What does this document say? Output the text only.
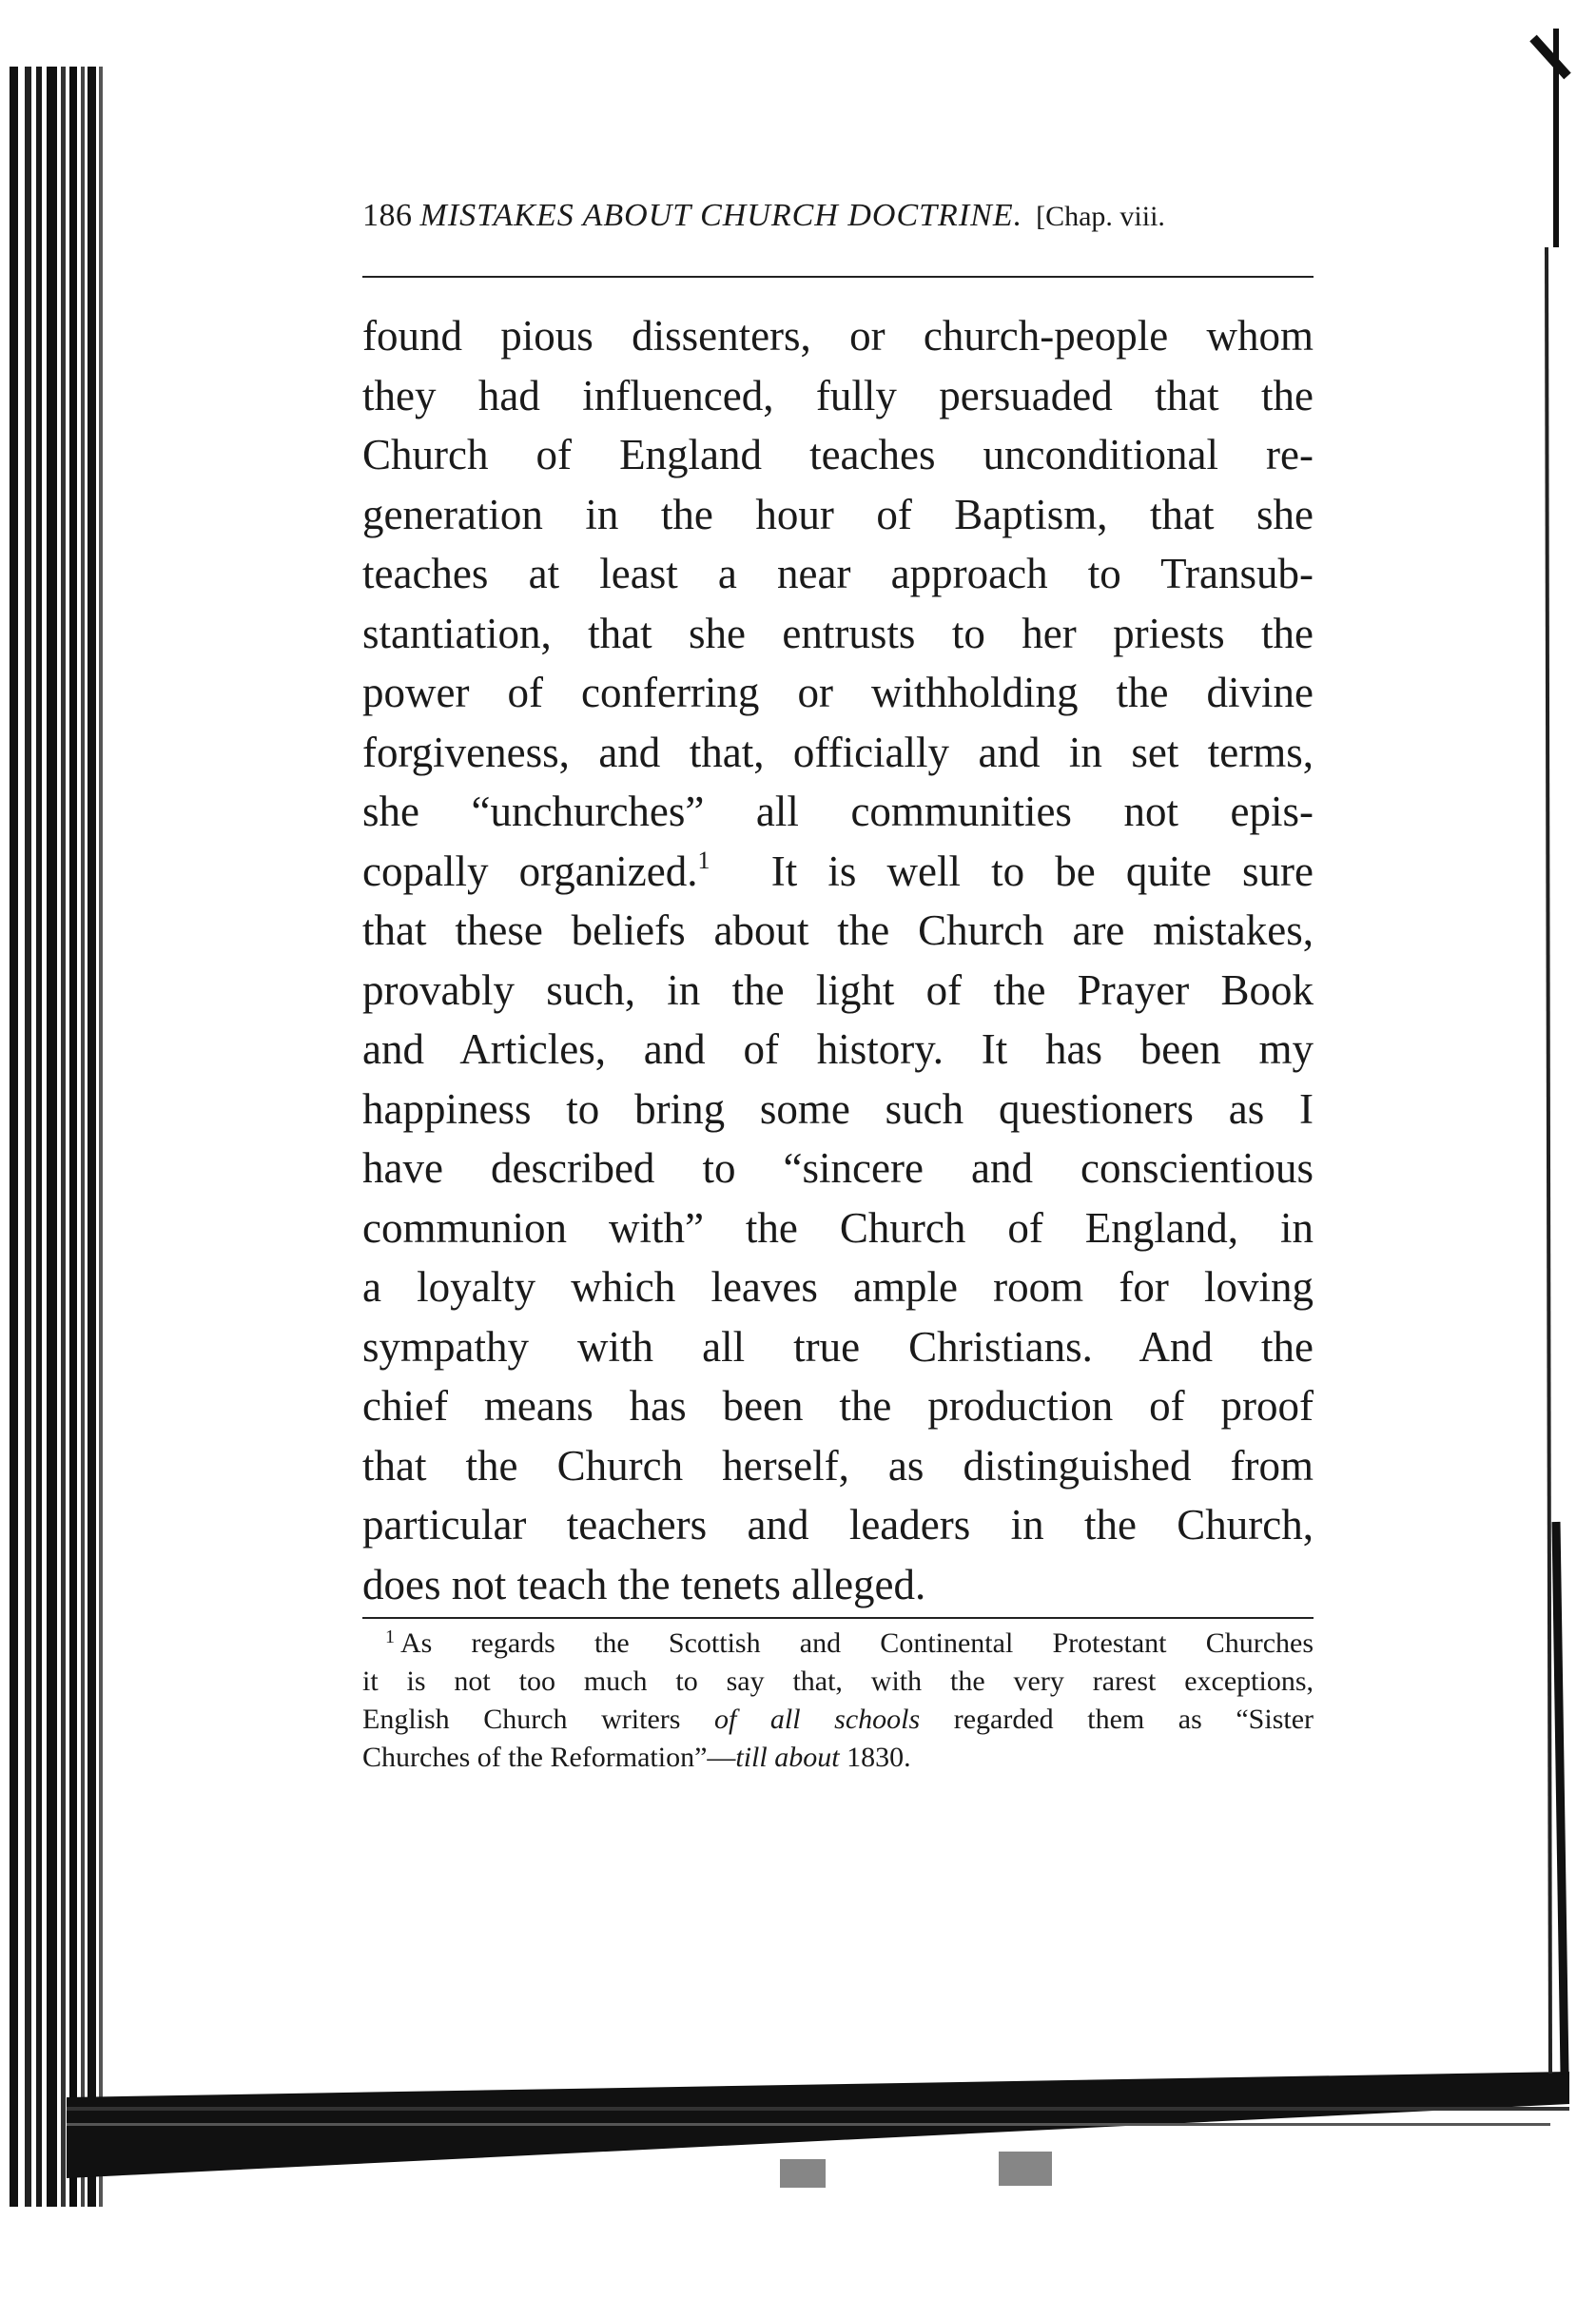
186 MISTAKES ABOUT CHURCH DOCTRINE. [Chap. viii.
found pious dissenters, or church-people whom
they had influenced, fully persuaded that the
Church of England teaches unconditional re-
generation in the hour of Baptism, that she
teaches at least a near approach to Transub-
stantiation, that she entrusts to her priests the
power of conferring or withholding the divine
forgiveness, and that, officially and in set terms,
she “unchurches” all communities not epis-
copally organized.$^1$ It is well to be quite sure
that these beliefs about the Church are mistakes,
provably such, in the light of the Prayer Book
and Articles, and of history. It has been my
happiness to bring some such questioners as I
have described to “sincere and conscientious
communion with” the Church of England, in
a loyalty which leaves ample room for loving
sympathy with all true Christians. And the
chief means has been the production of proof
that the Church herself, as distinguished from
particular teachers and leaders in the Church,
does not teach the tenets alleged.
$^1$ As regards the Scottish and Continental Protestant Churches
it is not too much to say that, with the very rarest exceptions,
English Church writers of all schools regarded them as “Sister
Churches of the Reformation”—till about 1830.
